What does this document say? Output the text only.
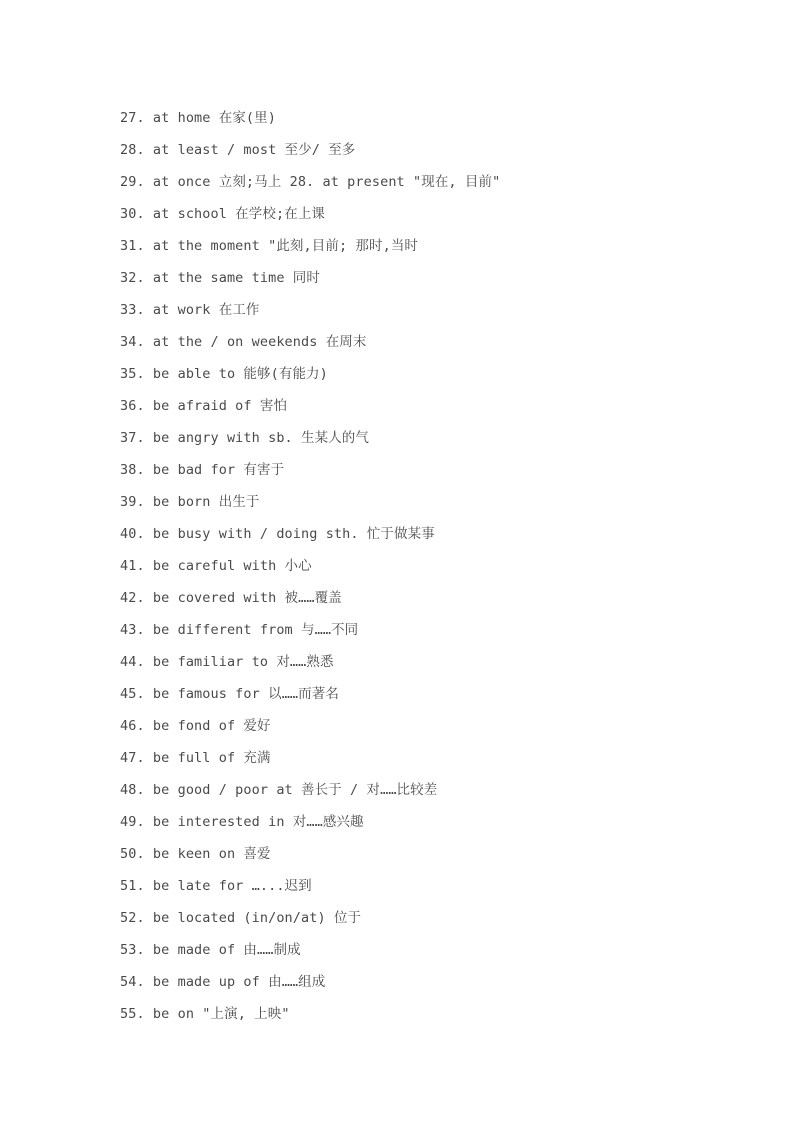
27. at home 在家(里)
28. at least / most 至少/ 至多
29. at once 立刻;马上 28. at present "现在, 目前"
30. at school 在学校;在上课
31. at the moment "此刻,目前; 那时,当时
32. at the same time 同时
33. at work 在工作
34. at the / on weekends 在周末
35. be able to 能够(有能力)
36. be afraid of 害怕
37. be angry with sb. 生某人的气
38. be bad for 有害于
39. be born 出生于
40. be busy with / doing sth. 忙于做某事
41. be careful with 小心
42. be covered with 被……覆盖
43. be different from 与……不同
44. be familiar to 对……熟悉
45. be famous for 以……而著名
46. be fond of 爱好
47. be full of 充满
48. be good / poor at 善长于 / 对……比较差
49. be interested in 对……感兴趣
50. be keen on 喜爱
51. be late for …...迟到
52. be located (in/on/at) 位于
53. be made of 由……制成
54. be made up of 由……组成
55. be on "上演, 上映"
